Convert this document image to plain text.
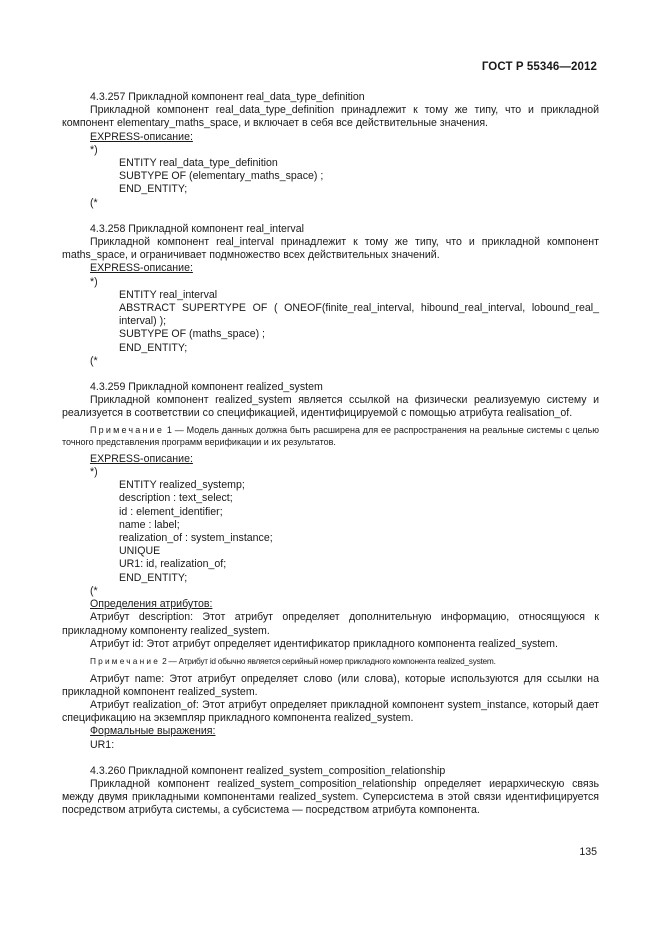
ГОСТ Р 55346—2012

4.3.257 Прикладной компонент real_data_type_definition

Прикладной компонент real_data_type_definition принадлежит к тому же типу, что и прикладной компонент elementary_maths_space, и включает в себя все действительные значения.

EXPRESS-описание:

*)

ENTITY real_data_type_definition

SUBTYPE OF (elementary_maths_space) ;

END_ENTITY;

(*

4.3.258 Прикладной компонент real_interval

Прикладной компонент real_interval принадлежит к тому же типу, что и прикладной компонент maths_space, и ограничивает подмножество всех действительных значений.

EXPRESS-описание:

*)

ENTITY real_interval

ABSTRACT SUPERTYPE OF ( ONEOF(finite_real_interval, hibound_real_interval, lobound_real_ interval) );

SUBTYPE OF (maths_space) ;

END_ENTITY;

(*

4.3.259 Прикладной компонент realized_system

Прикладной компонент realized_system является ссылкой на физически реализуемую систему и реализуется в соответствии со спецификацией, идентифицируемой с помощью атрибута realisation_of.

Примечание 1 — Модель данных должна быть расширена для ее распространения на реальные системы с целью точного представления программ верификации и их результатов.

EXPRESS-описание:

*)

ENTITY realized_systemp;

description : text_select;

id : element_identifier;

name : label;

realization_of : system_instance;

UNIQUE

UR1: id, realization_of;

END_ENTITY;

(*

Определения атрибутов:

Атрибут description: Этот атрибут определяет дополнительную информацию, относящуюся к прикладному компоненту realized_system.

Атрибут id: Этот атрибут определяет идентификатор прикладного компонента realized_system.

Примечание 2 — Атрибут id обычно является серийный номер прикладного компонента realized_system.

Атрибут name: Этот атрибут определяет слово (или слова), которые используются для ссылки на прикладной компонент realized_system.

Атрибут realization_of: Этот атрибут определяет прикладной компонент system_instance, который дает спецификацию на экземпляр прикладного компонента realized_system.

Формальные выражения:

UR1:

4.3.260 Прикладной компонент realized_system_composition_relationship

Прикладной компонент realized_system_composition_relationship определяет иерархическую связь между двумя прикладными компонентами realized_system. Суперсистема в этой связи идентифицируется посредством атрибута системы, а субсистема — посредством атрибута компонента.

135
